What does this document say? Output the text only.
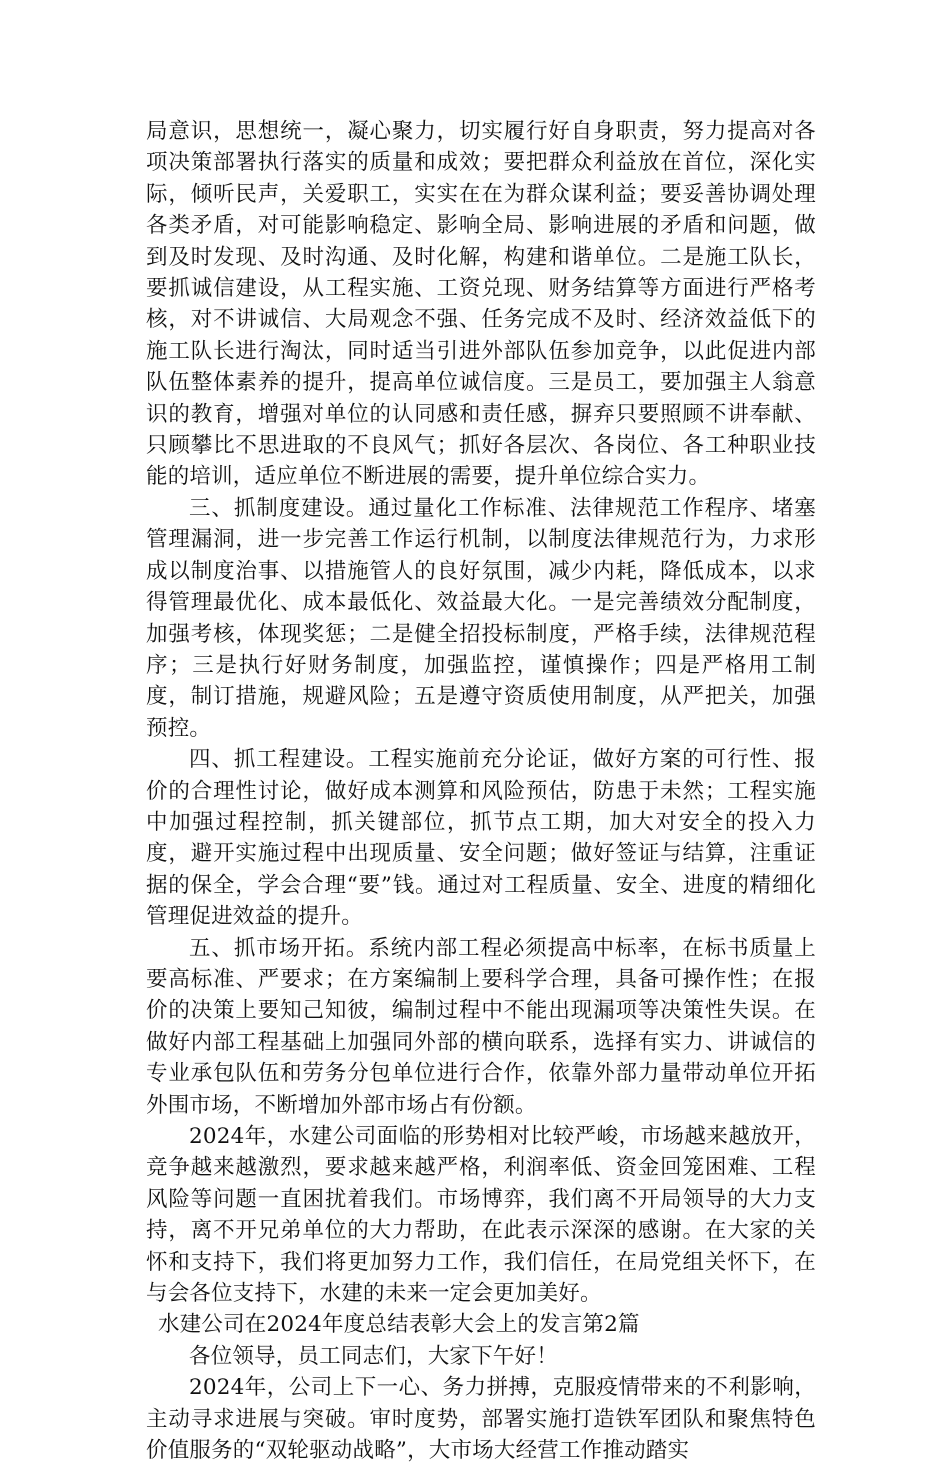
局意识，思想统一，凝心聚力，切实履行好自身职责，努力提高对各项决策部署执行落实的质量和成效；要把群众利益放在首位，深化实际，倾听民声，关爱职工，实实在在为群众谋利益；要妥善协调处理各类矛盾，对可能影响稳定、影响全局、影响进展的矛盾和问题，做到及时发现、及时沟通、及时化解，构建和谐单位。二是施工队长，要抓诚信建设，从工程实施、工资兑现、财务结算等方面进行严格考核，对不讲诚信、大局观念不强、任务完成不及时、经济效益低下的施工队长进行淘汰，同时适当引进外部队伍参加竞争，以此促进内部队伍整体素养的提升，提高单位诚信度。三是员工，要加强主人翁意识的教育，增强对单位的认同感和责任感，摒弃只要照顾不讲奉献、只顾攀比不思进取的不良风气；抓好各层次、各岗位、各工种职业技能的培训，适应单位不断进展的需要，提升单位综合实力。

三、抓制度建设。通过量化工作标准、法律规范工作程序、堵塞管理漏洞，进一步完善工作运行机制，以制度法律规范行为，力求形成以制度治事、以措施管人的良好氛围，减少内耗，降低成本，以求得管理最优化、成本最低化、效益最大化。一是完善绩效分配制度，加强考核，体现奖惩；二是健全招投标制度，严格手续，法律规范程序；三是执行好财务制度，加强监控，谨慎操作；四是严格用工制度，制订措施，规避风险；五是遵守资质使用制度，从严把关，加强预控。

四、抓工程建设。工程实施前充分论证，做好方案的可行性、报价的合理性讨论，做好成本测算和风险预估，防患于未然；工程实施中加强过程控制，抓关键部位，抓节点工期，加大对安全的投入力度，避开实施过程中出现质量、安全问题；做好签证与结算，注重证据的保全，学会合理“要”钱。通过对工程质量、安全、进度的精细化管理促进效益的提升。

五、抓市场开拓。系统内部工程必须提高中标率，在标书质量上要高标准、严要求；在方案编制上要科学合理，具备可操作性；在报价的决策上要知己知彼，编制过程中不能出现漏项等决策性失误。在做好内部工程基础上加强同外部的横向联系，选择有实力、讲诚信的专业承包队伍和劳务分包单位进行合作，依靠外部力量带动单位开拓外围市场，不断增加外部市场占有份额。

2024年，水建公司面临的形势相对比较严峻，市场越来越放开，竞争越来越激烈，要求越来越严格，利润率低、资金回笼困难、工程风险等问题一直困扰着我们。市场博弈，我们离不开局领导的大力支持，离不开兄弟单位的大力帮助，在此表示深深的感谢。在大家的关怀和支持下，我们将更加努力工作，我们信任，在局党组关怀下，在与会各位支持下，水建的未来一定会更加美好。

水建公司在2024年度总结表彰大会上的发言第2篇

各位领导，员工同志们，大家下午好！

2024年，公司上下一心、务力拼搏，克服疫情带来的不利影响，主动寻求进展与突破。审时度势，部署实施打造铁军团队和聚焦特色价值服务的“双轮驱动战略”，大市场大经营工作推动踏实
